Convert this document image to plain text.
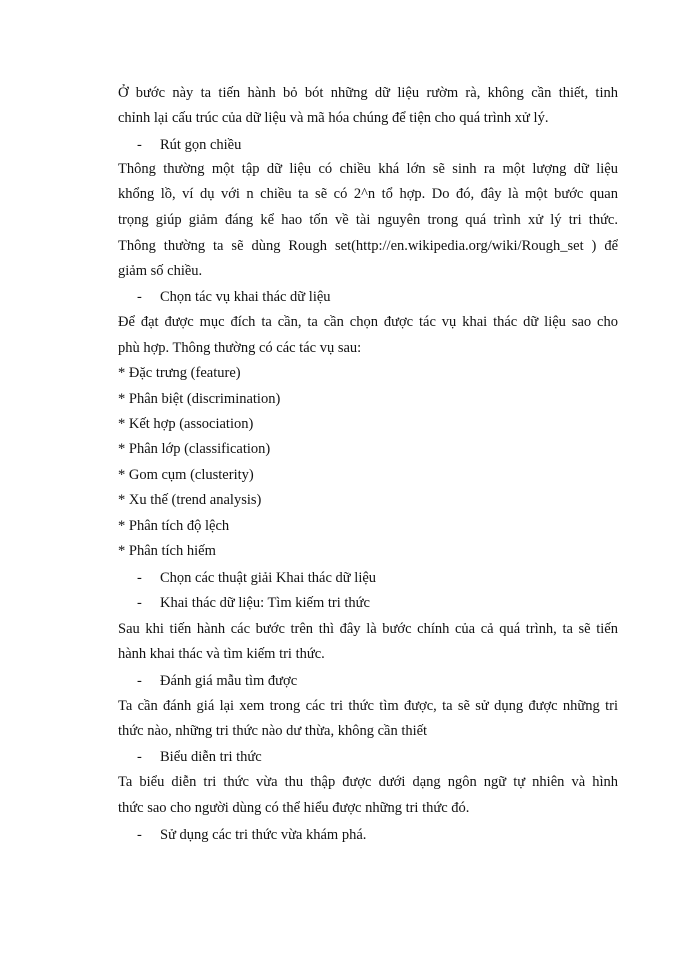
Ở bước này ta tiến hành bỏ bót những dữ liệu rườm rà, không cần thiết, tinh
chỉnh lại cấu trúc của dữ liệu và mã hóa chúng để tiện cho quá trình xử lý.
-	Rút gọn chiều
Thông thường một tập dữ liệu có chiều khá lớn sẽ sinh ra một lượng dữ liệu
khổng lồ, ví dụ với n chiều ta sẽ có 2^n tổ hợp. Do đó, đây là một bước quan
trọng giúp giảm đáng kể hao tốn về tài nguyên trong quá trình xử lý tri thức.
Thông thường ta sẽ dùng Rough set(http://en.wikipedia.org/wiki/Rough_set ) để
giảm số chiều.
-	Chọn tác vụ khai thác dữ liệu
Để đạt được mục đích ta cần, ta cần chọn được tác vụ khai thác dữ liệu sao cho
phù hợp. Thông thường có các tác vụ sau:
* Đặc trưng (feature)
* Phân biệt (discrimination)
* Kết hợp (association)
* Phân lớp (classification)
* Gom cụm (clusterity)
* Xu thế (trend analysis)
* Phân tích độ lệch
* Phân tích hiếm
-	Chọn các thuật giải Khai thác dữ liệu
-	Khai thác dữ liệu: Tìm kiếm tri thức
Sau khi tiến hành các bước trên thì đây là bước chính của cả quá trình, ta sẽ tiến
hành khai thác và tìm kiếm tri thức.
-	Đánh giá mẫu tìm được
Ta cần đánh giá lại xem trong các tri thức tìm được, ta sẽ sử dụng được những tri
thức nào, những tri thức nào dư thừa, không cần thiết
-	Biểu diễn tri thức
Ta biểu diễn tri thức vừa thu thập được dưới dạng ngôn ngữ tự nhiên và hình
thức sao cho người dùng có thể hiểu được những tri thức đó.
-	Sử dụng các tri thức vừa khám phá.
